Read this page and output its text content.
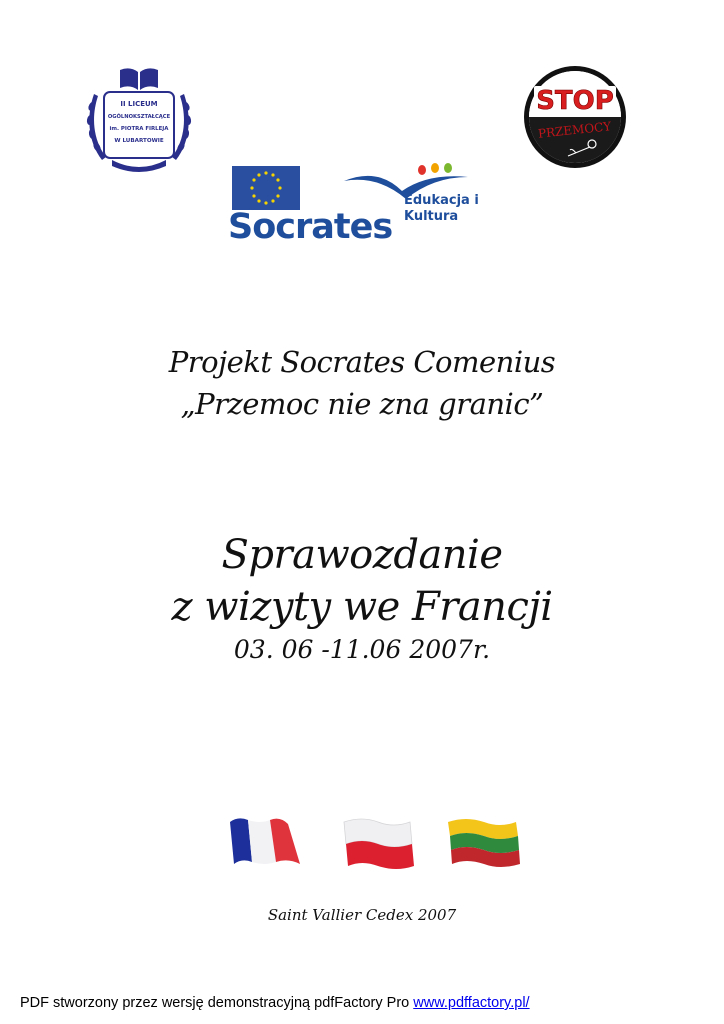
II LICEUM
OGÓLNOKSZTAŁCĄCE
im. PIOTRA FIRLEJA
W LUBARTOWIE
STOP
PRZEMOCY
Socrates
Edukacja i Kultura
Projekt Socrates Comenius
„Przemoc nie zna granic”
Sprawozdanie
z wizyty we Francji
03. 06 -11.06 2007r.
Saint Vallier Cedex 2007
PDF stworzony przez wersję demonstracyjną pdfFactory Pro www.pdffactory.pl/
